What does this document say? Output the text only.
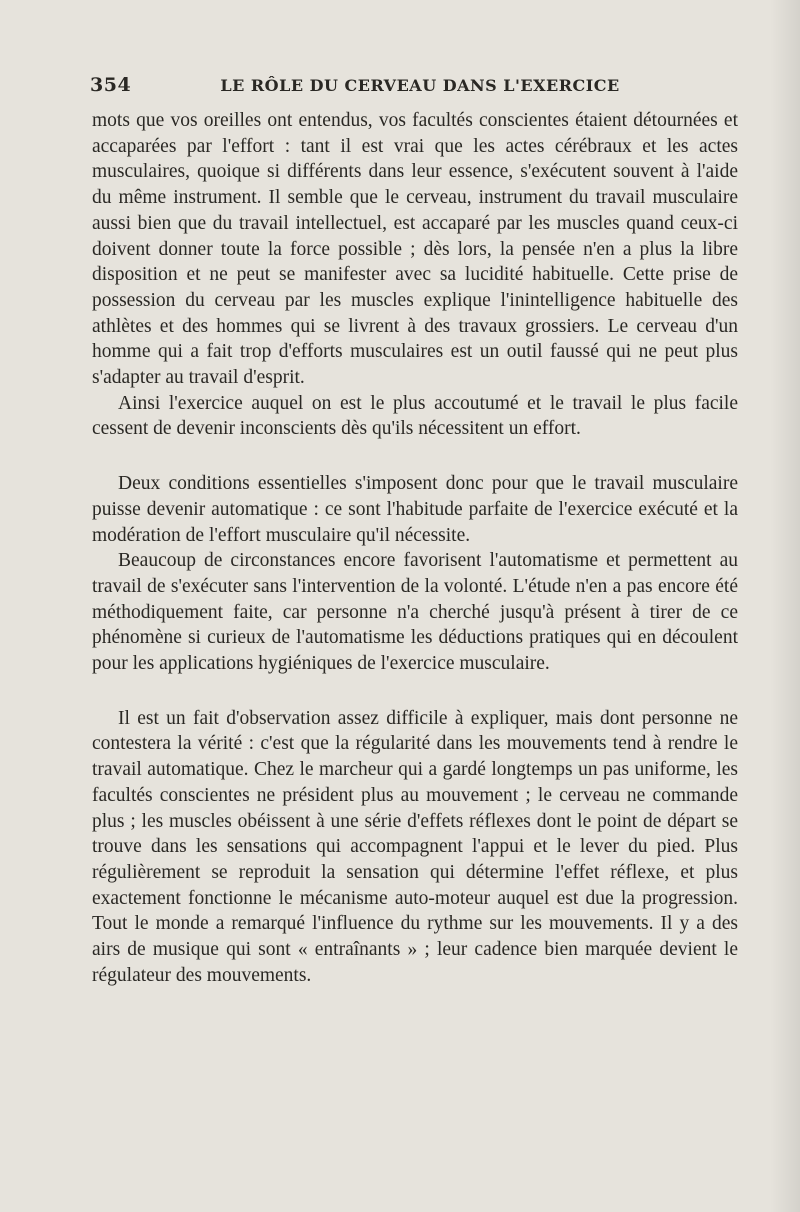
354	LE RÔLE DU CERVEAU DANS L'EXERCICE

mots que vos oreilles ont entendus, vos facultés conscientes étaient détournées et accaparées par l'effort : tant il est vrai que les actes cérébraux et les actes musculaires, quoique si différents dans leur essence, s'exécutent souvent à l'aide du même instrument. Il semble que le cerveau, instrument du travail musculaire aussi bien que du travail intellectuel, est accaparé par les muscles quand ceux-ci doivent donner toute la force possible ; dès lors, la pensée n'en a plus la libre disposition et ne peut se manifester avec sa lucidité habituelle. Cette prise de possession du cerveau par les muscles explique l'inintelligence habituelle des athlètes et des hommes qui se livrent à des travaux grossiers. Le cerveau d'un homme qui a fait trop d'efforts musculaires est un outil faussé qui ne peut plus s'adapter au travail d'esprit.

Ainsi l'exercice auquel on est le plus accoutumé et le travail le plus facile cessent de devenir inconscients dès qu'ils nécessitent un effort.

Deux conditions essentielles s'imposent donc pour que le travail musculaire puisse devenir automatique : ce sont l'habitude parfaite de l'exercice exécuté et la modération de l'effort musculaire qu'il nécessite.

Beaucoup de circonstances encore favorisent l'automatisme et permettent au travail de s'exécuter sans l'intervention de la volonté. L'étude n'en a pas encore été méthodiquement faite, car personne n'a cherché jusqu'à présent à tirer de ce phénomène si curieux de l'automatisme les déductions pratiques qui en découlent pour les applications hygiéniques de l'exercice musculaire.

Il est un fait d'observation assez difficile à expliquer, mais dont personne ne contestera la vérité : c'est que la régularité dans les mouvements tend à rendre le travail automatique. Chez le marcheur qui a gardé longtemps un pas uniforme, les facultés conscientes ne président plus au mouvement ; le cerveau ne commande plus ; les muscles obéissent à une série d'effets réflexes dont le point de départ se trouve dans les sensations qui accompagnent l'appui et le lever du pied. Plus régulièrement se reproduit la sensation qui détermine l'effet réflexe, et plus exactement fonctionne le mécanisme auto-moteur auquel est due la progression. Tout le monde a remarqué l'influence du rythme sur les mouvements. Il y a des airs de musique qui sont « entraînants » ; leur cadence bien marquée devient le régulateur des mouvements.
